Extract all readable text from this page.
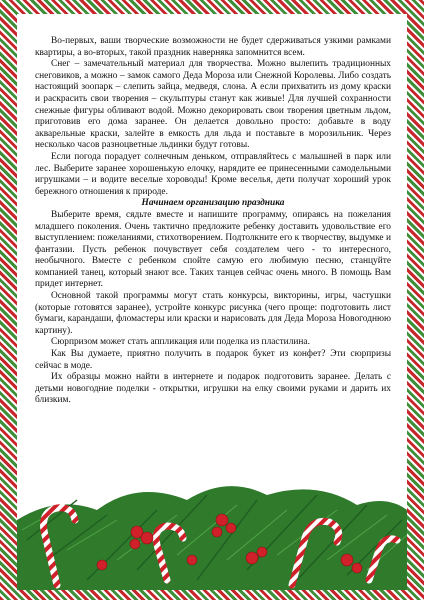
Во-первых, ваши творческие возможности не будет сдерживаться узкими рамками квартиры, а во-вторых, такой праздник наверняка запомнится всем.

Снег – замечательный материал для творчества. Можно вылепить традиционных снеговиков, а можно – замок самого Деда Мороза или Снежной Королевы. Либо создать настоящий зоопарк – слепить зайца, медведя, слона. А если прихватить из дому краски и раскрасить свои творения – скульптуры станут как живые! Для лучшей сохранности снежные фигуры обливают водой. Можно декорировать свои творения цветным льдом, приготовив его дома заранее. Он делается довольно просто: добавьте в воду акварельные краски, залейте в емкость для льда и поставьте в морозильник. Через несколько часов разноцветные льдинки будут готовы.

Если погода порадует солнечным деньком, отправляйтесь с малышней в парк или лес. Выберите заранее хорошенькую елочку, нарядите ее принесенными самодельными игрушками – и водите веселые хороводы! Кроме веселья, дети получат хороший урок бережного отношения к природе.

Начинаем организацию праздника

Выберите время, сядьте вместе и напишите программу, опираясь на пожелания младшего поколения. Очень тактично предложите ребенку доставить удовольствие его выступлением: пожеланиями, стихотворением. Подтолкните его к творчеству, выдумке и фантазии. Пусть ребенок почувствует себя создателем чего - то интересного, необычного. Вместе с ребенком спойте самую его любимую песню, станцуйте компанией танец, который знают все. Таких танцев сейчас очень много. В помощь Вам придет интернет.

Основной такой программы могут стать конкурсы, викторины, игры, частушки (которые готовятся заранее), устройте конкурс рисунка (чего проще: подготовить лист бумаги, карандаши, фломастеры или краски и нарисовать для Деда Мороза Новогоднюю картину).

Сюрпризом может стать аппликация или поделка из пластилина.

Как Вы думаете, приятно получить в подарок букет из конфет? Эти сюрпризы сейчас в моде.

Их образцы можно найти в интернете и подарок подготовить заранее. Делать с детьми новогодние поделки - открытки, игрушки на елку своими руками и дарить их близким.
